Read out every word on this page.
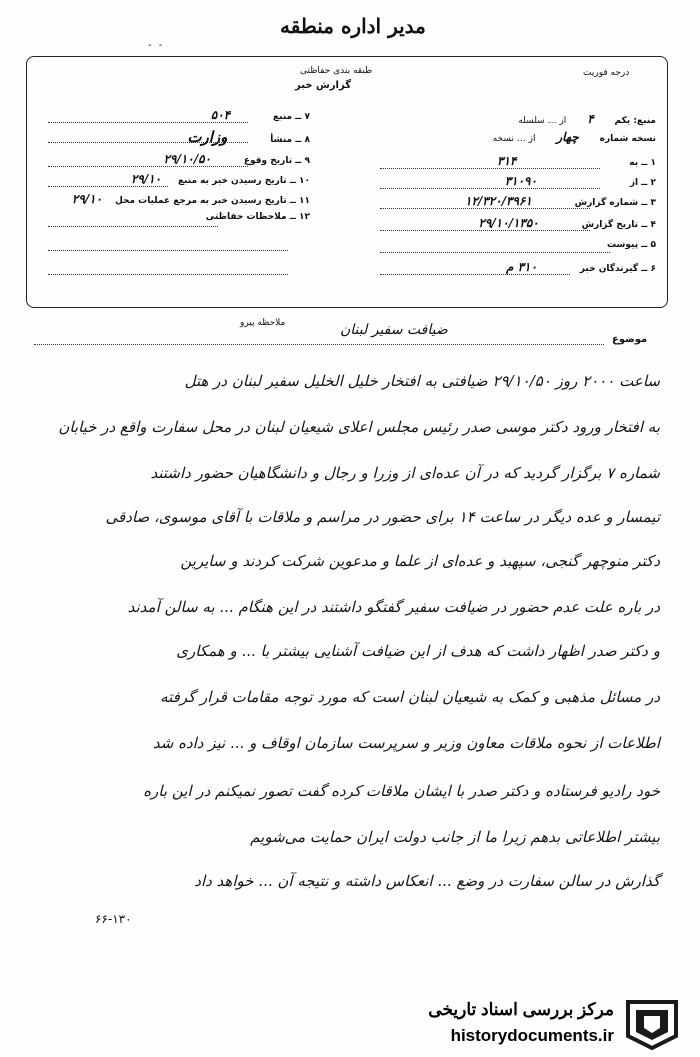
- -
مدیر اداره منطقه
طبقه بندی حفاظتی
گزارش خبر
درجه فوریت
منبع: یکم ۴ از … سلسله
نسخه شماره چهار از … نسخه
۱ ــ به ۳۱۴
۲ ــ از ۳۱۰۹۰
۳ ــ شماره گزارش ۱۲/۳۲۰/۳۹۶۱
۴ ــ تاریخ گزارش ۲۹/۱۰/۱۳۵۰
۵ ــ پیوست
۶ ــ گیرندگان خبر ۳۱۰ م
۷ ــ منبع ۵۰۴
۸ ــ منشأ وزارت
۹ ــ تاریخ وقوع ۲۹/۱۰/۵۰
۱۰ ــ تاریخ رسیدن خبر به منبع ۲۹/۱۰
۱۱ ــ تاریخ رسیدن خبر به مرجع عملیات محل ۲۹/۱۰
۱۲ ــ ملاحظات حفاظتی
ملاحظه پیرو
موضوع
ضیافت سفیر لبنان
ساعت ۲۰۰۰ روز ۲۹/۱۰/۵۰ ضیافتی به افتخار خلیل الخلیل سفیر لبنان در هتل
به افتخار ورود دکتر موسی صدر رئیس مجلس اعلای شیعیان لبنان در محل سفارت واقع در خیابان
شماره ۷ برگزار گردید که در آن عده‌ای از وزرا و رجال و دانشگاهیان حضور داشتند
تیمسار و عده دیگر در ساعت ۱۴ برای حضور در مراسم و ملاقات با آقای موسوی، صادقی
دکتر منوچهر گنجی، سپهبد و عده‌ای از علما و مدعوین شرکت کردند و سایرین
در باره علت عدم حضور در ضیافت سفیر گفتگو داشتند در این هنگام ... به سالن آمدند
و دکتر صدر اظهار داشت که هدف از این ضیافت آشنایی بیشتر با ... و همکاری
در مسائل مذهبی و کمک به شیعیان لبنان است که مورد توجه مقامات قرار گرفته
اطلاعات از نحوه ملاقات معاون وزیر و سرپرست سازمان اوقاف و ... نیز داده شد
خود رادیو فرستاده و دکتر صدر با ایشان ملاقات کرده گفت تصور نمیکنم در این باره
بیشتر اطلاعاتی بدهم زیرا ما از جانب دولت ایران حمایت می‌شویم
گذارش در سالن سفارت در وضع ... انعکاس داشته و نتیجه آن ... خواهد داد
۶۶-۱۳۰
مرکز بررسی اسناد تاریخی
historydocuments.ir
